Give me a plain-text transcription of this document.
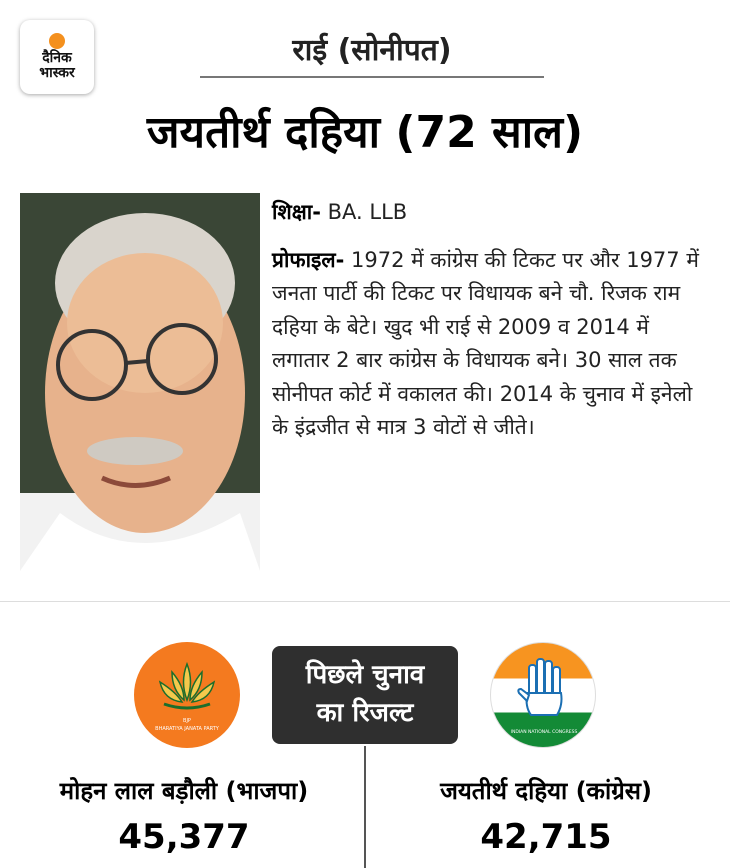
दैनिक
भास्कर
राई (सोनीपत)
जयतीर्थ दहिया (72 साल)
शिक्षा- BA. LLB
प्रोफाइल- 1972 में कांग्रेस की टिकट पर और 1977 में जनता पार्टी की टिकट पर विधायक बने चौ. रिजक राम दहिया के बेटे। खुद भी राई से 2009 व 2014 में लगातार 2 बार कांग्रेस के विधायक बने। 30 साल तक सोनीपत कोर्ट में वकालत की। 2014 के चुनाव में इनेलो के इंद्रजीत से मात्र 3 वोटों से जीते।
BJP
BHARATIYA JANATA PARTY
पिछले चुनाव
का रिजल्ट
INDIAN NATIONAL CONGRESS
मोहन लाल बड़ौली (भाजपा)
45,377
जयतीर्थ दहिया (कांग्रेस)
42,715
